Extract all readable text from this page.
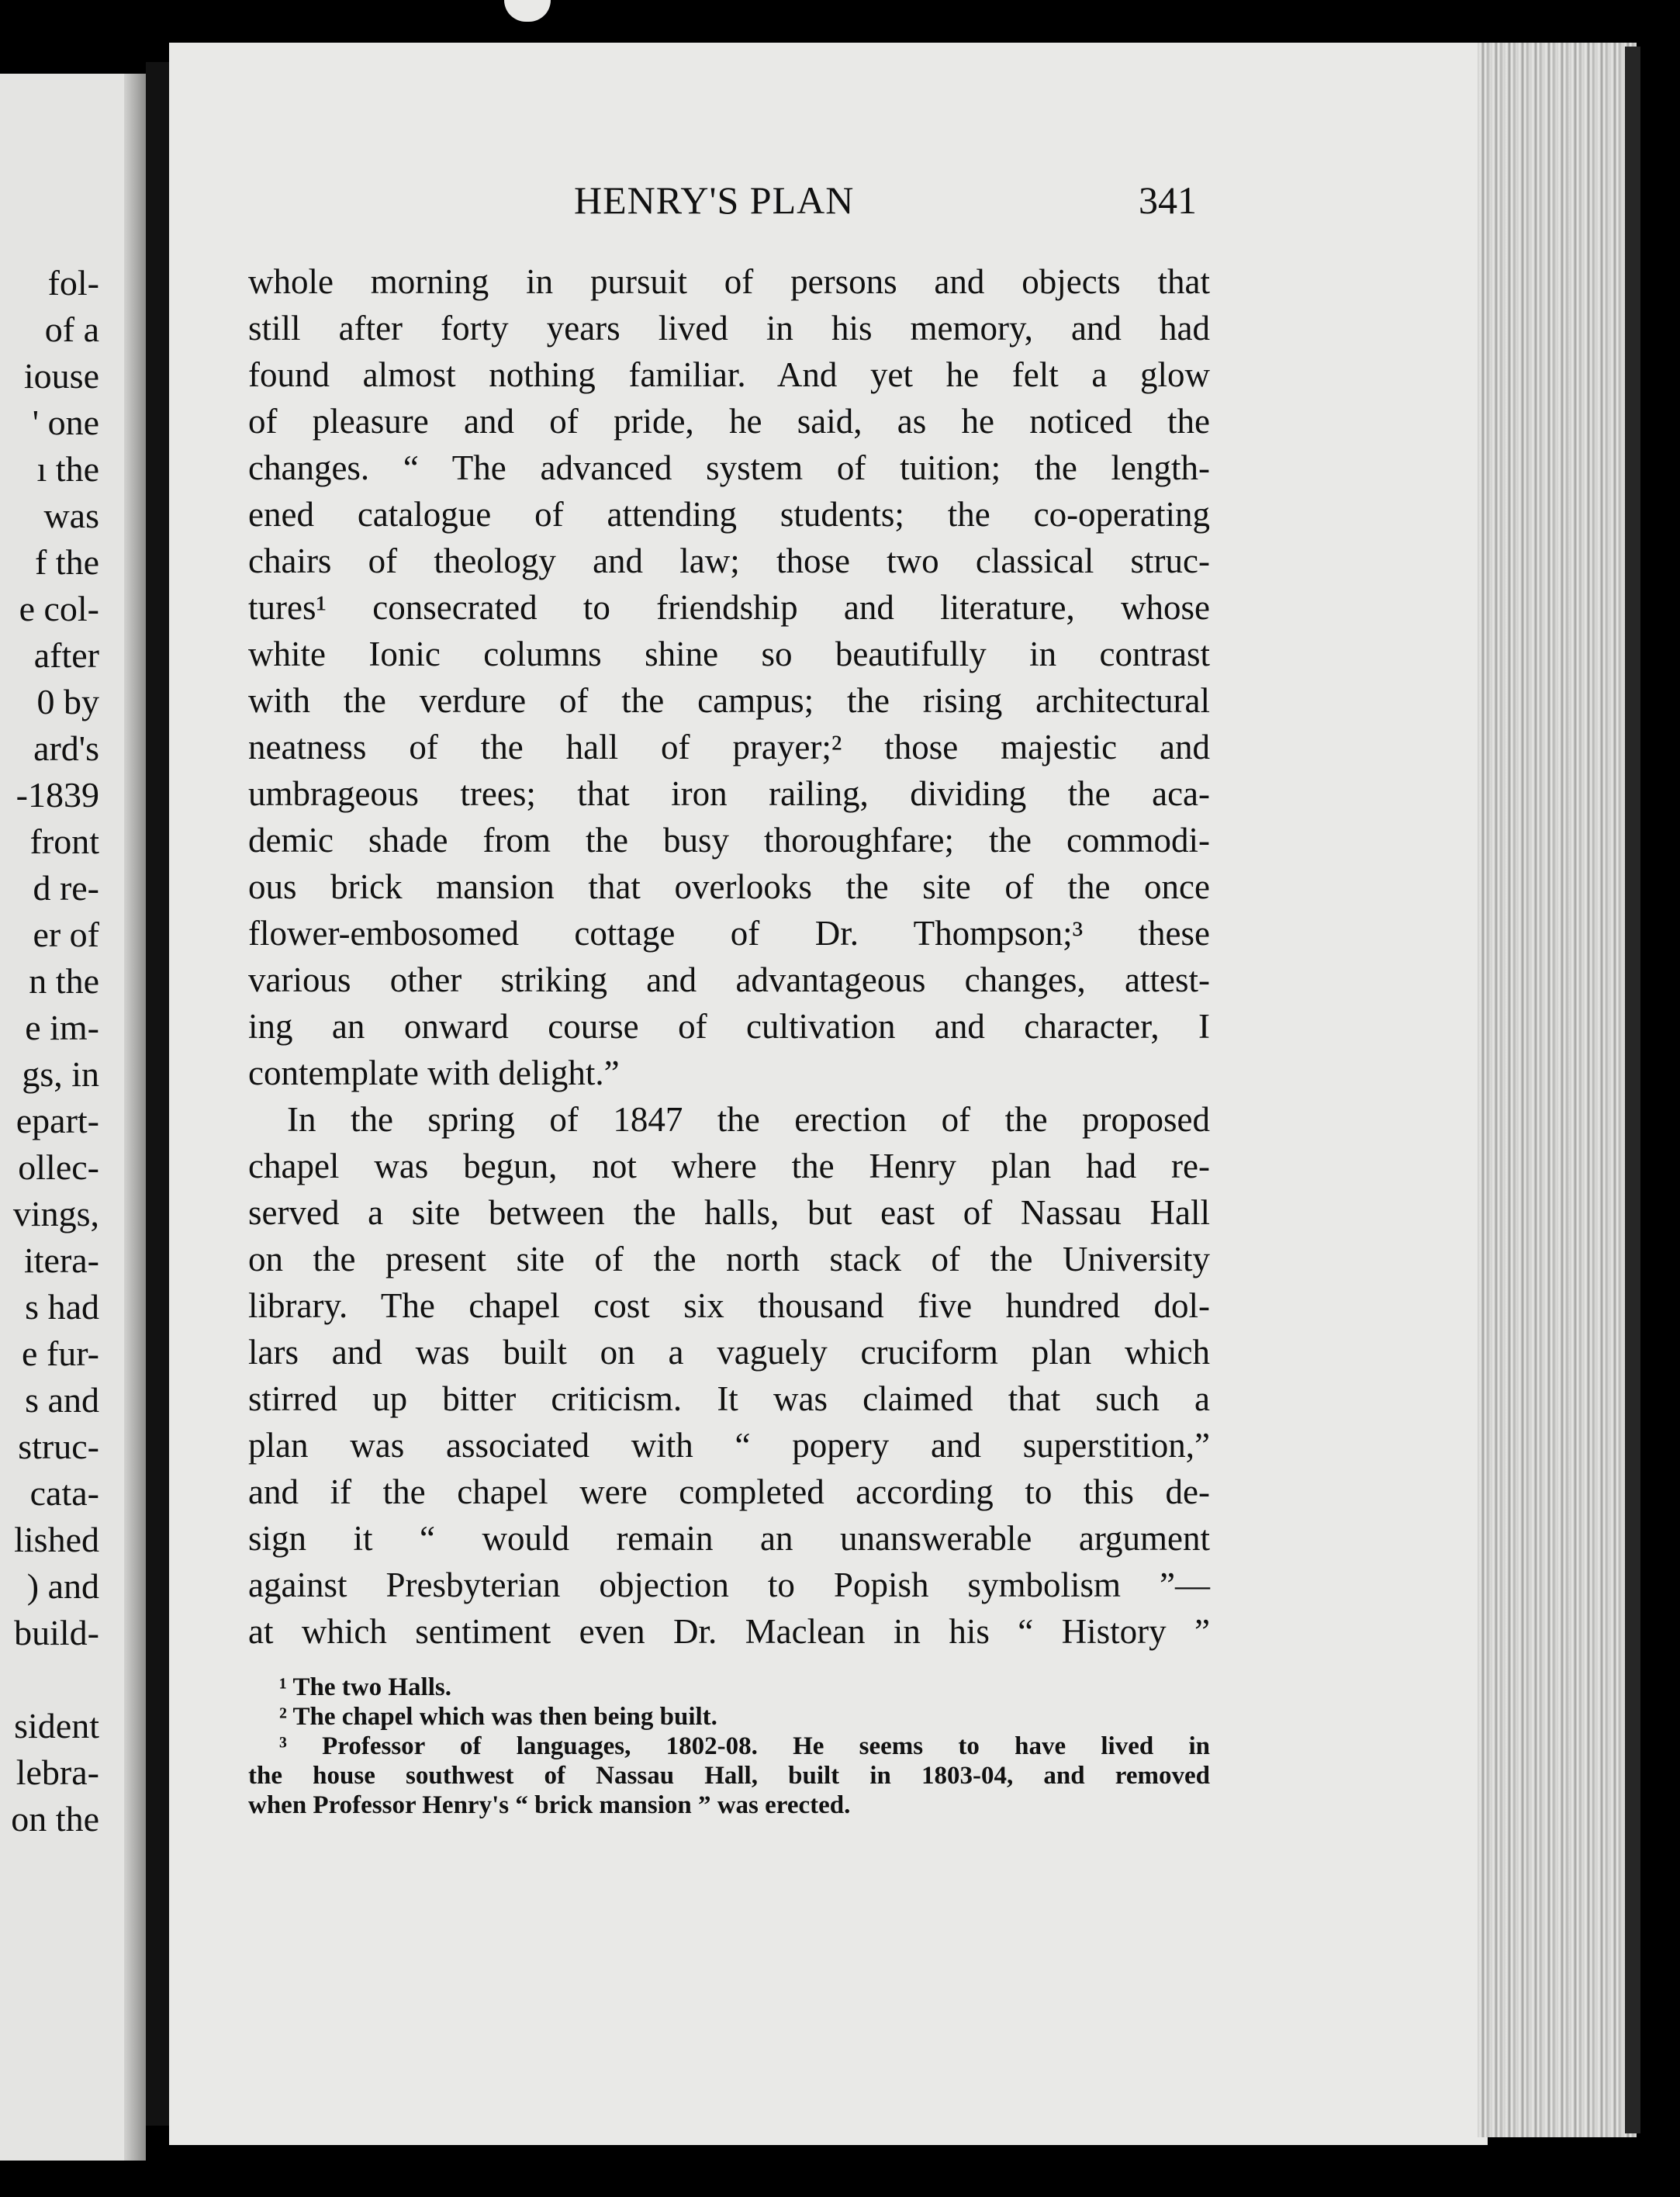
fol-
of a
iouse
' one
ı the
was
f the
e col-
after
0 by
ard's
-1839
front
d re-
er of
n the
e im-
gs, in
epart-
ollec-
vings,
itera-
s had
e fur-
s and
struc-
cata-
lished
) and
build-
sident
lebra-
on the
HENRY'S PLAN	341
whole morning in pursuit of persons and objects that
still after forty years lived in his memory, and had
found almost nothing familiar. And yet he felt a glow
of pleasure and of pride, he said, as he noticed the
changes. “ The advanced system of tuition; the length-
ened catalogue of attending students; the co-operating
chairs of theology and law; those two classical struc-
tures¹ consecrated to friendship and literature, whose
white Ionic columns shine so beautifully in contrast
with the verdure of the campus; the rising architectural
neatness of the hall of prayer;² those majestic and
umbrageous trees; that iron railing, dividing the aca-
demic shade from the busy thoroughfare; the commodi-
ous brick mansion that overlooks the site of the once
flower-embosomed cottage of Dr. Thompson;³ these
various other striking and advantageous changes, attest-
ing an onward course of cultivation and character, I
contemplate with delight.”
In the spring of 1847 the erection of the proposed
chapel was begun, not where the Henry plan had re-
served a site between the halls, but east of Nassau Hall
on the present site of the north stack of the University
library. The chapel cost six thousand five hundred dol-
lars and was built on a vaguely cruciform plan which
stirred up bitter criticism. It was claimed that such a
plan was associated with “ popery and superstition,”
and if the chapel were completed according to this de-
sign it “ would remain an unanswerable argument
against Presbyterian objection to Popish symbolism ”—
at which sentiment even Dr. Maclean in his “ History ”
¹ The two Halls.
² The chapel which was then being built.
³ Professor of languages, 1802-08. He seems to have lived in
the house southwest of Nassau Hall, built in 1803-04, and removed
when Professor Henry's “ brick mansion ” was erected.
